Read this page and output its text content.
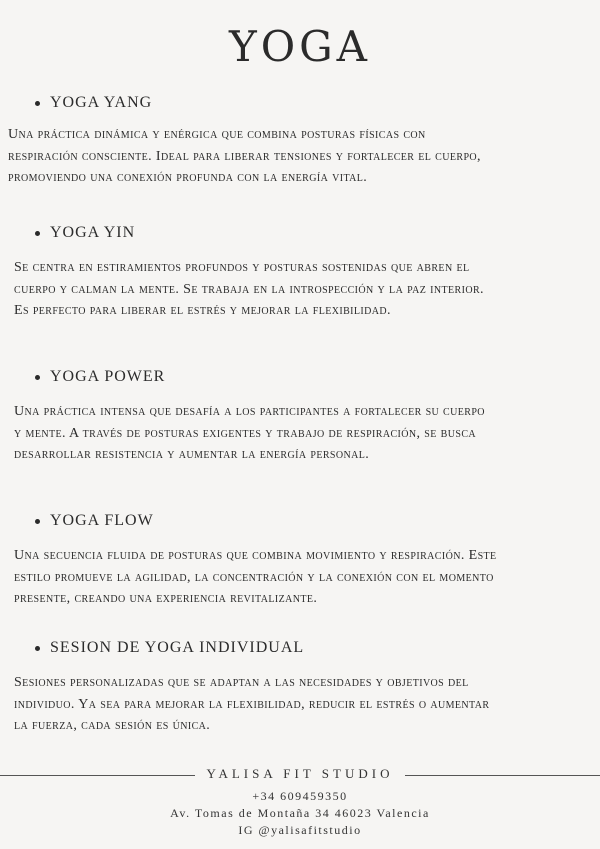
YOGA
YOGA YANG
Una práctica dinámica y enérgica que combina posturas físicas con
respiración consciente. Ideal para liberar tensiones y fortalecer el cuerpo,
promoviendo una conexión profunda con la energía vital.
YOGA YIN
Se centra en estiramientos profundos y posturas sostenidas que abren el
cuerpo y calman la mente. Se trabaja en la introspección y la paz interior.
Es perfecto para liberar el estrés y mejorar la flexibilidad.
YOGA POWER
Una práctica intensa que desafía a los participantes a fortalecer su cuerpo
y mente. A través de posturas exigentes y trabajo de respiración, se busca
desarrollar resistencia y aumentar la energía personal.
YOGA FLOW
Una secuencia fluida de posturas que combina movimiento y respiración. Este
estilo promueve la agilidad, la concentración y la conexión con el momento
presente, creando una experiencia revitalizante.
SESION DE YOGA INDIVIDUAL
Sesiones personalizadas que se adaptan a las necesidades y objetivos del
individuo. Ya sea para mejorar la flexibilidad, reducir el estrés o aumentar
la fuerza, cada sesión es única.
YALISA FIT STUDIO
+34 609459350
Av. Tomas de Montaña 34 46023 Valencia
IG @yalisafitstudio
